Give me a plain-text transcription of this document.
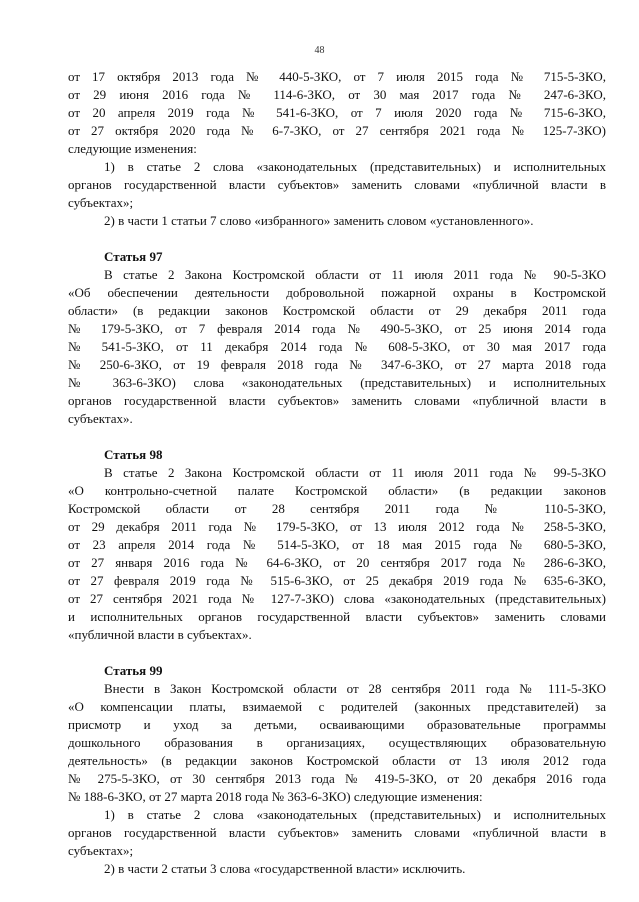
48
от 17 октября 2013 года № 440-5-ЗКО, от 7 июля 2015 года № 715-5-ЗКО,
от 29 июня 2016 года № 114-6-ЗКО, от 30 мая 2017 года № 247-6-ЗКО,
от 20 апреля 2019 года № 541-6-ЗКО, от 7 июля 2020 года № 715-6-ЗКО,
от 27 октября 2020 года № 6-7-ЗКО, от 27 сентября 2021 года № 125-7-ЗКО)
следующие изменения:
1) в статье 2 слова «законодательных (представительных) и исполнительных
органов государственной власти субъектов» заменить словами «публичной власти в
субъектах»;
2) в части 1 статьи 7 слово «избранного» заменить словом «установленного».
Статья 97
В статье 2 Закона Костромской области от 11 июля 2011 года № 90-5-ЗКО
«Об обеспечении деятельности добровольной пожарной охраны в Костромской
области» (в редакции законов Костромской области от 29 декабря 2011 года
№ 179-5-ЗКО, от 7 февраля 2014 года № 490-5-ЗКО, от 25 июня 2014 года
№ 541-5-ЗКО, от 11 декабря 2014 года № 608-5-ЗКО, от 30 мая 2017 года
№ 250-6-ЗКО, от 19 февраля 2018 года № 347-6-ЗКО, от 27 марта 2018 года
№ 363-6-ЗКО) слова «законодательных (представительных) и исполнительных
органов государственной власти субъектов» заменить словами «публичной власти в
субъектах».
Статья 98
В статье 2 Закона Костромской области от 11 июля 2011 года № 99-5-ЗКО
«О контрольно-счетной палате Костромской области» (в редакции законов
Костромской области от 28 сентября 2011 года № 110-5-ЗКО,
от 29 декабря 2011 года № 179-5-ЗКО, от 13 июля 2012 года № 258-5-ЗКО,
от 23 апреля 2014 года № 514-5-ЗКО, от 18 мая 2015 года № 680-5-ЗКО,
от 27 января 2016 года № 64-6-ЗКО, от 20 сентября 2017 года № 286-6-ЗКО,
от 27 февраля 2019 года № 515-6-ЗКО, от 25 декабря 2019 года № 635-6-ЗКО,
от 27 сентября 2021 года № 127-7-ЗКО) слова «законодательных (представительных)
и исполнительных органов государственной власти субъектов» заменить словами
«публичной власти в субъектах».
Статья 99
Внести в Закон Костромской области от 28 сентября 2011 года № 111-5-ЗКО
«О компенсации платы, взимаемой с родителей (законных представителей) за
присмотр и уход за детьми, осваивающими образовательные программы
дошкольного образования в организациях, осуществляющих образовательную
деятельность» (в редакции законов Костромской области от 13 июля 2012 года
№ 275-5-ЗКО, от 30 сентября 2013 года № 419-5-ЗКО, от 20 декабря 2016 года
№ 188-6-ЗКО, от 27 марта 2018 года № 363-6-ЗКО) следующие изменения:
1) в статье 2 слова «законодательных (представительных) и исполнительных
органов государственной власти субъектов» заменить словами «публичной власти в
субъектах»;
2) в части 2 статьи 3 слова «государственной власти» исключить.
